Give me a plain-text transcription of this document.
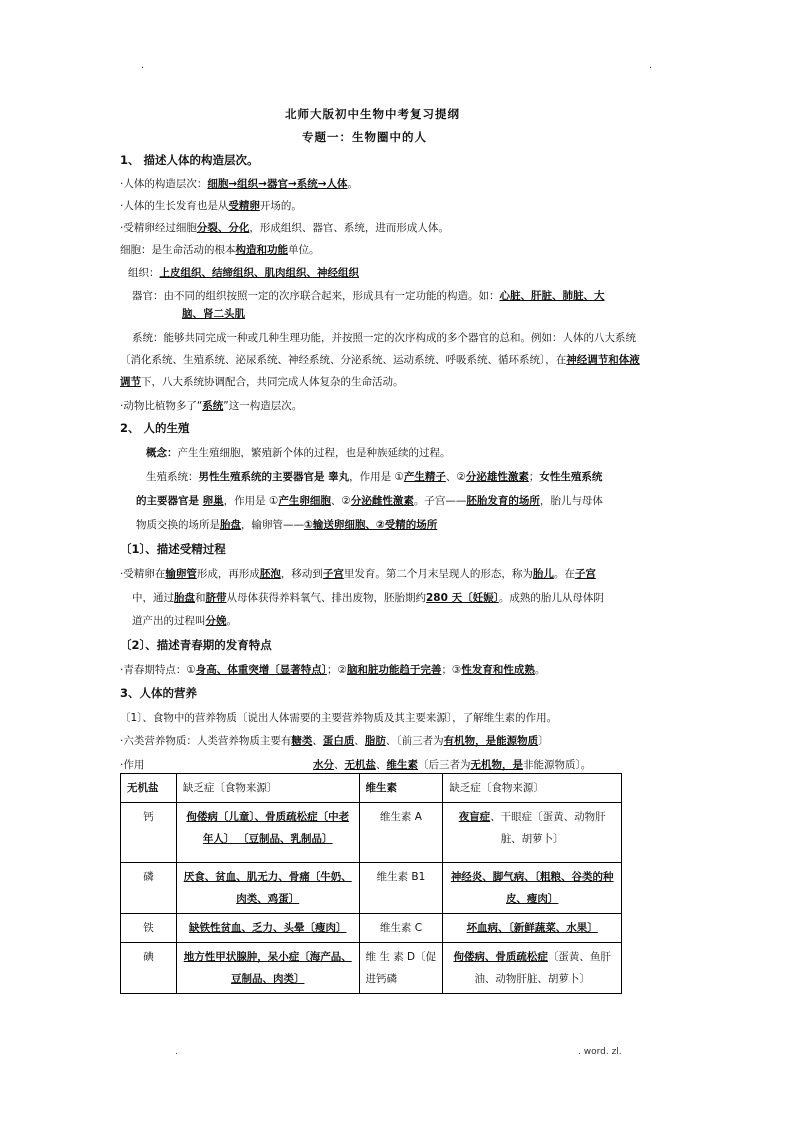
.	.
北师大版初中生物中考复习提纲
专题一：生物圈中的人
1、 描述人体的构造层次。
·人体的构造层次：细胞→组织→器官→系统→人体。
·人体的生长发育也是从受精卵开场的。
·受精卵经过细胞分裂、分化，形成组织、器官、系统，进而形成人体。
细胞：是生命活动的根本构造和功能单位。
组织：上皮组织、结缔组织、肌肉组织、神经组织
器官：由不同的组织按照一定的次序联合起来，形成具有一定功能的构造。如：心脏、肝脏、肺脏、大
脑、肾二头肌
系统：能够共同完成一种或几种生理功能，并按照一定的次序构成的多个器官的总和。例如：人体的八大系统〔消化系统、生殖系统、泌尿系统、神经系统、分泌系统、运动系统、呼吸系统、循环系统〕，在神经调节和体液调节下，八大系统协调配合，共同完成人体复杂的生命活动。
·动物比植物多了“系统”这一构造层次。
2、 人的生殖
概念：产生生殖细胞，繁殖新个体的过程，也是种族延续的过程。
生殖系统：男性生殖系统的主要器官是 睾丸，作用是 ①产生精子、②分泌雄性激素；女性生殖系统
的主要器官是 卵巢，作用是 ①产生卵细胞、②分泌雌性激素。子宫——胚胎发育的场所，胎儿与母体
物质交换的场所是胎盘，输卵管——①输送卵细胞、②受精的场所
〔1〕、描述受精过程
·受精卵在输卵管形成，再形成胚泡，移动到子宫里发育。第二个月末呈现人的形态，称为胎儿。在子宫
中，通过胎盘和脐带从母体获得养料氧气、排出废物，胚胎期约280 天〔妊娠〕。成熟的胎儿从母体阴
道产出的过程叫分娩。
〔2〕、描述青春期的发育特点
·青春期特点：①身高、体重突增〔显著特点〕；②脑和脏功能趋于完善；③性发育和性成熟。
3、人体的营养
〔1〕、食物中的营养物质〔说出人体需要的主要营养物质及其主要来源〕，了解维生素的作用。
·六类营养物质：人类营养物质主要有糖类、蛋白质、脂肪、〔前三者为有机物，是能源物质〕
·作用	水分、无机盐、维生素〔后三者为无机物，是非能源物质〕。
无机盐	缺乏症〔食物来源〕	维生素	缺乏症〔食物来源〕
钙	佝偻病〔儿童〕、骨质疏松症〔中老年人〕 〔豆制品、乳制品〕	维生素 A	夜盲症、干眼症〔蛋黄、动物肝脏、胡萝卜〕
磷	厌食、贫血、肌无力、骨痛〔牛奶、肉类、鸡蛋〕	维生素 B1	神经炎、脚气病、〔粗粮、谷类的种皮、瘦肉〕
铁	缺铁性贫血、乏力、头晕〔瘦肉〕	维生素 C	坏血病、〔新鲜蔬菜、水果〕
碘	地方性甲状腺肿，呆小症〔海产品、豆制品、肉类〕	维 生 素 D〔促进钙磷	佝偻病、骨质疏松症〔蛋黄、鱼肝油、动物肝脏、胡萝卜〕
.	. word. zl.
